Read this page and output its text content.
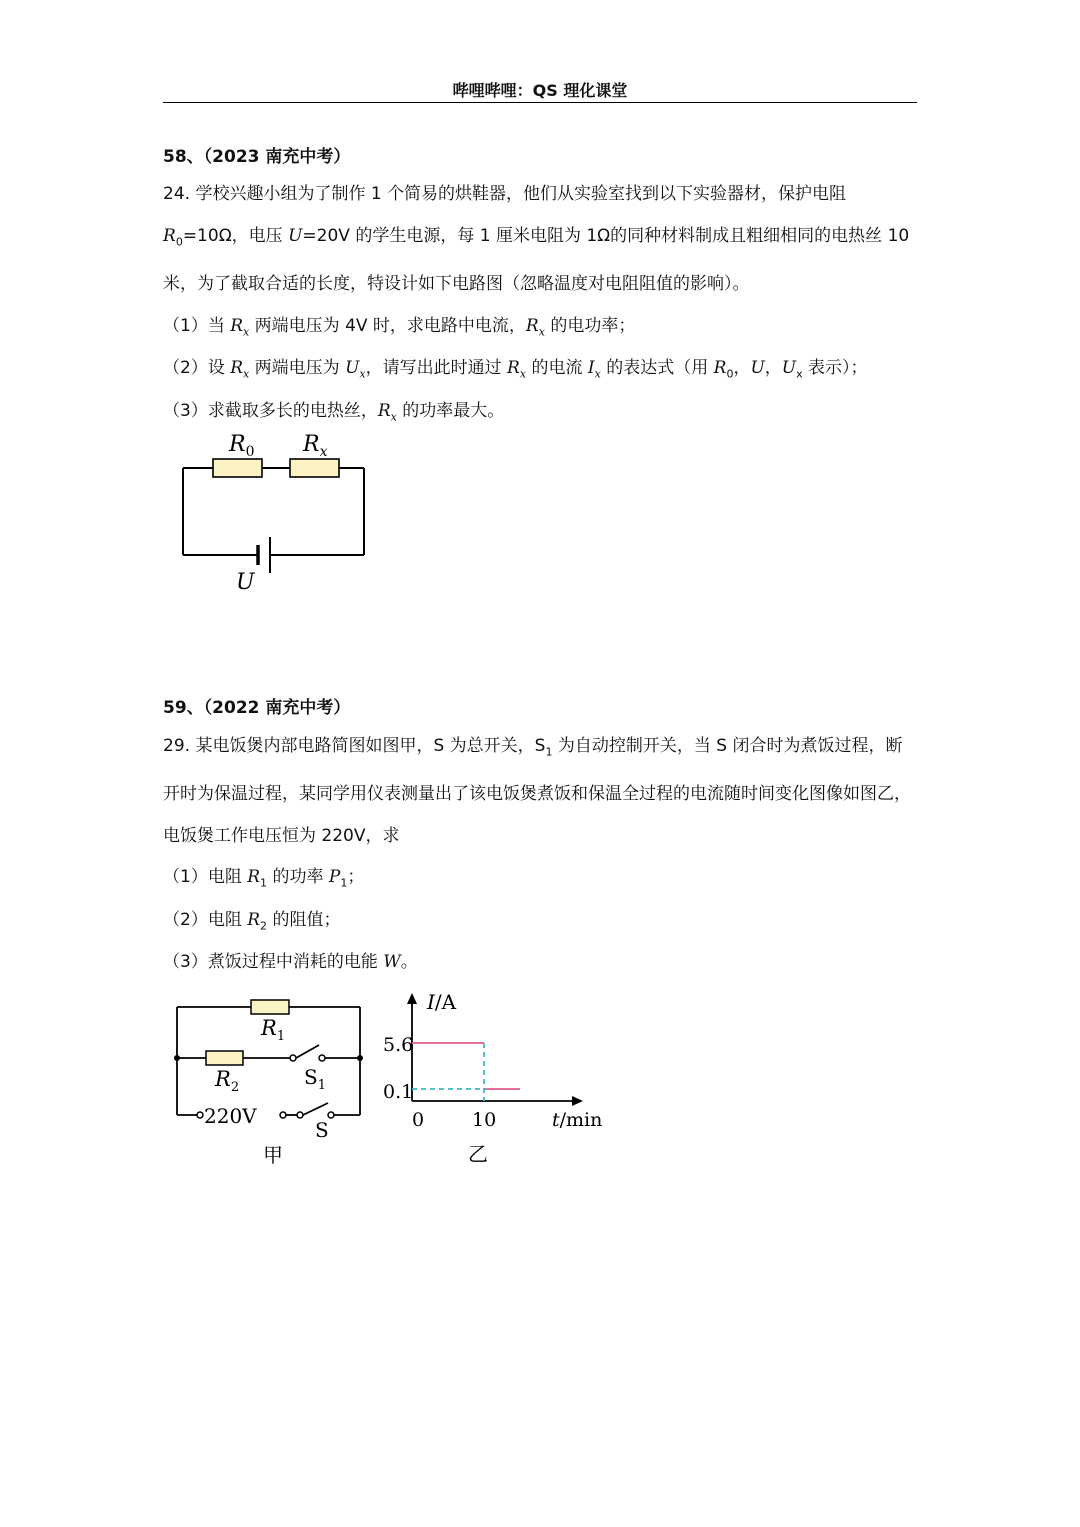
哔哩哔哩：QS 理化课堂
58、（2023 南充中考）
24. 学校兴趣小组为了制作 1 个简易的烘鞋器，他们从实验室找到以下实验器材，保护电阻 $R_0=10\Omega$，电压 U=20V 的学生电源，每 1 厘米电阻为 1Ω的同种材料制成且粗细相同的电热丝 10 米，为了截取合适的长度，特设计如下电路图（忽略温度对电阻阻值的影响）。
（1）当 $R_x$ 两端电压为 4V 时，求电路中电流，$R_x$ 的电功率；
（2）设 $R_x$ 两端电压为 $U_x$，请写出此时通过 $R_x$ 的电流 $I_x$ 的表达式（用 $R_0$，U，$U_x$ 表示）；
（3）求截取多长的电热丝，$R_x$ 的功率最大。
$R_0$ $R_x$
U
59、（2022 南充中考）
29. 某电饭煲内部电路简图如图甲，S 为总开关，$S_1$ 为自动控制开关，当 S 闭合时为煮饭过程，断开时为保温过程，某同学用仪表测量出了该电饭煲煮饭和保温全过程的电流随时间变化图像如图乙，电饭煲工作电压恒为 220V，求
（1）电阻 $R_1$ 的功率 $P_1$；
（2）电阻 $R_2$ 的阻值；
（3）煮饭过程中消耗的电能 W。
$R_1$
$R_2$	$S_1$
220V
S
甲
I/A
5.6
0.1
0	10	t/min
乙
